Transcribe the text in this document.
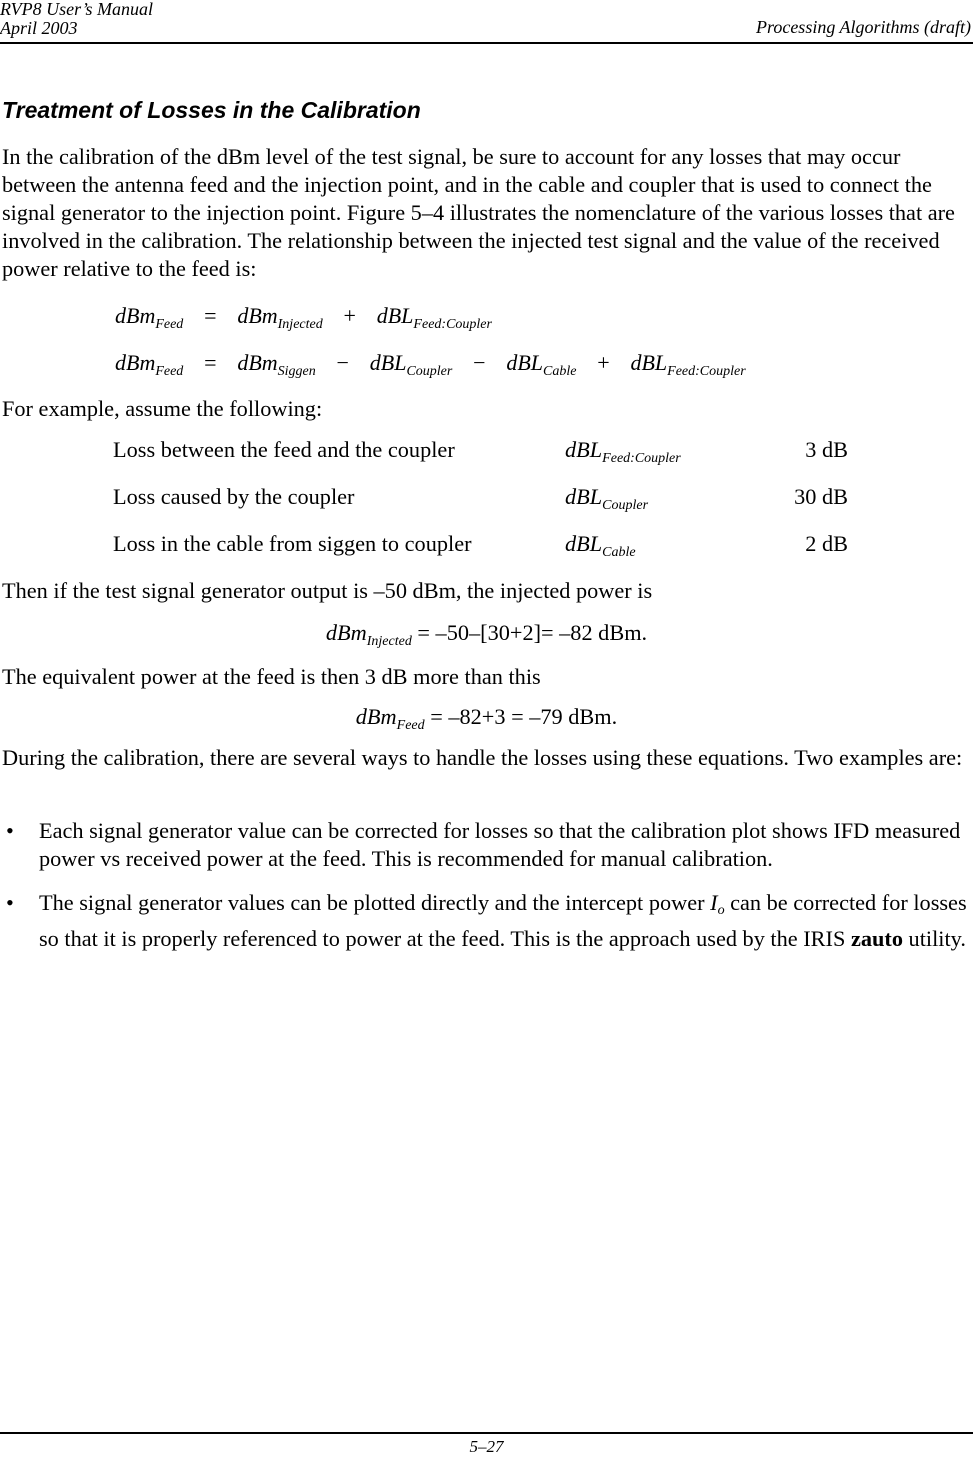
RVP8 User’s Manual
April 2003	Processing Algorithms (draft)
Treatment of Losses in the Calibration

In the calibration of the dBm level of the test signal, be sure to account for any losses that may occur between the antenna feed and the injection point, and in the cable and coupler that is used to connect the signal generator to the injection point. Figure 5–4 illustrates the nomenclature of the various losses that are involved in the calibration. The relationship between the injected test signal and the value of the received power relative to the feed is:

dBm$_{Feed}$ = dBm$_{Injected}$ + dBL$_{Feed:Coupler}$
dBm$_{Feed}$ = dBm$_{Siggen}$ − dBL$_{Coupler}$ − dBL$_{Cable}$ + dBL$_{Feed:Coupler}$

For example, assume the following:

Loss between the feed and the coupler	dBL$_{Feed:Coupler}$	3 dB
Loss caused by the coupler	dBL$_{Coupler}$	30 dB
Loss in the cable from siggen to coupler	dBL$_{Cable}$	2 dB

Then if the test signal generator output is –50 dBm, the injected power is

dBm$_{Injected}$ = –50–[30+2]= –82 dBm.

The equivalent power at the feed is then 3 dB more than this

dBm$_{Feed}$ = –82+3 = –79 dBm.

During the calibration, there are several ways to handle the losses using these equations. Two examples are:

• Each signal generator value can be corrected for losses so that the calibration plot shows IFD measured power vs received power at the feed. This is recommended for manual calibration.
• The signal generator values can be plotted directly and the intercept power $I_o$ can be corrected for losses so that it is properly referenced to power at the feed. This is the approach used by the IRIS zauto utility.
5–27
